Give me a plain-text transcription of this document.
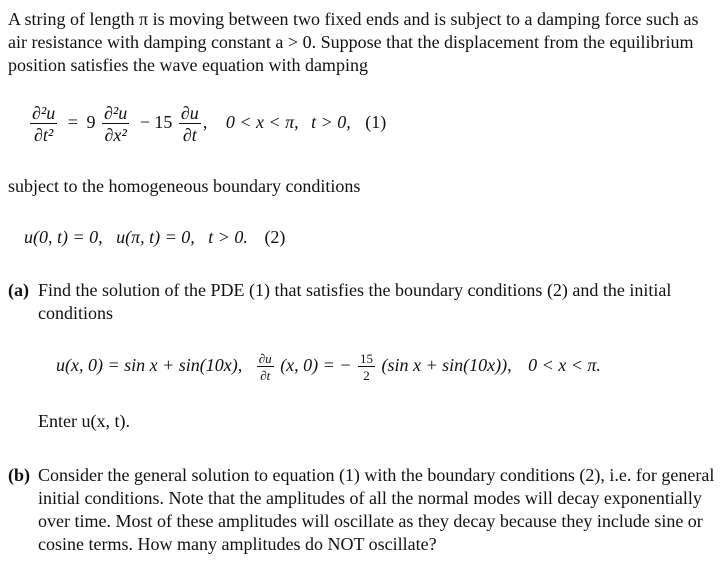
A string of length π is moving between two fixed ends and is subject to a damping force such as air resistance with damping constant a > 0. Suppose that the displacement from the equilibrium position satisfies the wave equation with damping
$\frac{\text{∂²u}}{\text{∂t²}} = 9 \frac{\text{∂²u}}{\text{∂x²}} - 15 \frac{\partial u}{\partial t}$ , 0 < x < π, t > 0, (1)
subject to the homogeneous boundary conditions
u(0, t) = 0,   u(π, t) = 0,   t > 0. (2)
(a) Find the solution of the PDE (1) that satisfies the boundary conditions (2) and the initial conditions
u(x, 0) = sin x + sin(10x), $\frac{\partial u}{\partial t} (x$, 0) = − $\frac{15}{2} (\sin$ x + sin(10x)), 0 < x < π.
Enter u(x, t).
(b) Consider the general solution to equation (1) with the boundary conditions (2), i.e. for general initial conditions. Note that the amplitudes of all the normal modes will decay exponentially over time. Most of these amplitudes will oscillate as they decay because they include sine or cosine terms. How many amplitudes do NOT oscillate?
